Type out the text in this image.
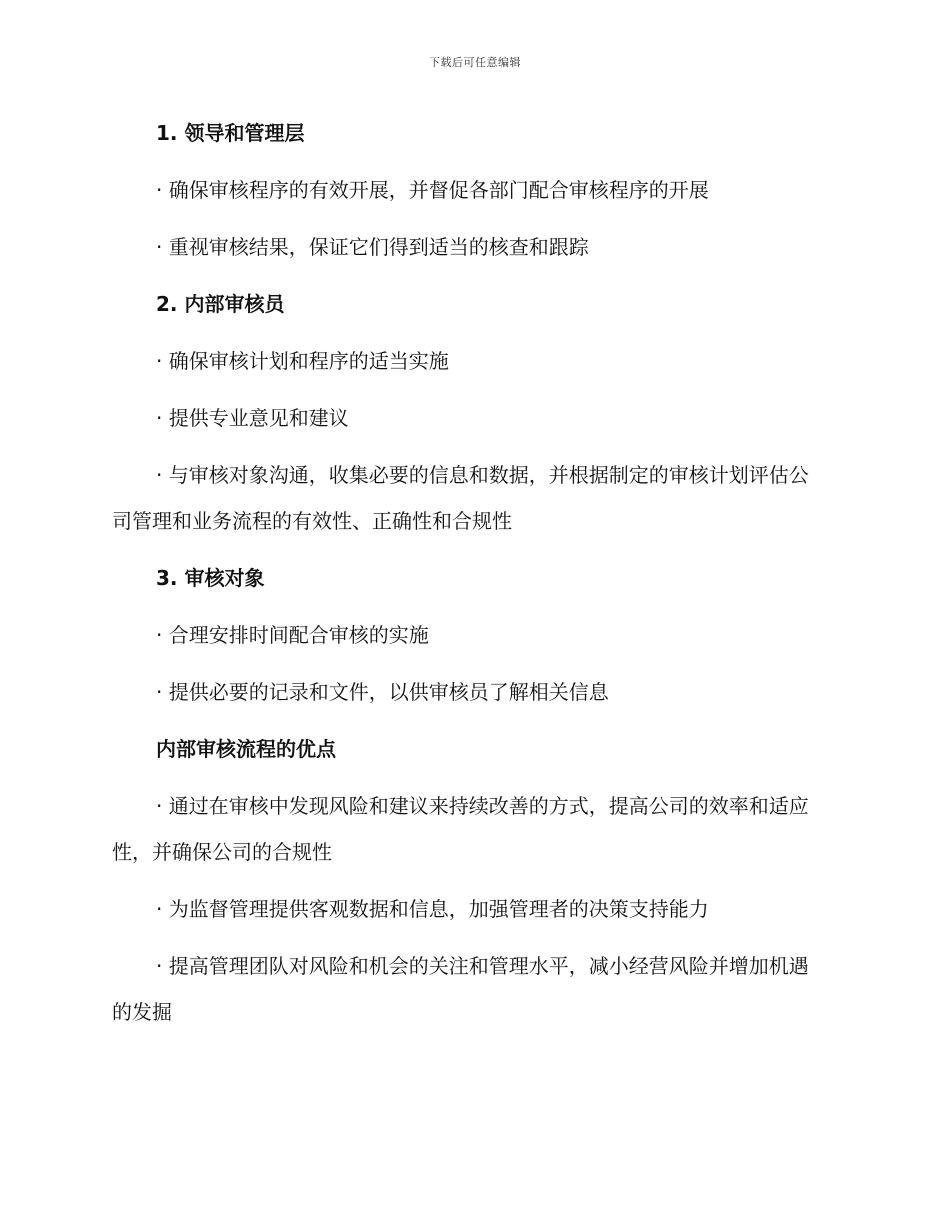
下载后可任意编辑

1. 领导和管理层

· 确保审核程序的有效开展，并督促各部门配合审核程序的开展

· 重视审核结果，保证它们得到适当的核查和跟踪

2. 内部审核员

· 确保审核计划和程序的适当实施

· 提供专业意见和建议

· 与审核对象沟通，收集必要的信息和数据，并根据制定的审核计划评估公司管理和业务流程的有效性、正确性和合规性

3. 审核对象

· 合理安排时间配合审核的实施

· 提供必要的记录和文件，以供审核员了解相关信息

内部审核流程的优点

· 通过在审核中发现风险和建议来持续改善的方式，提高公司的效率和适应性，并确保公司的合规性

· 为监督管理提供客观数据和信息，加强管理者的决策支持能力

· 提高管理团队对风险和机会的关注和管理水平，减小经营风险并增加机遇的发掘
